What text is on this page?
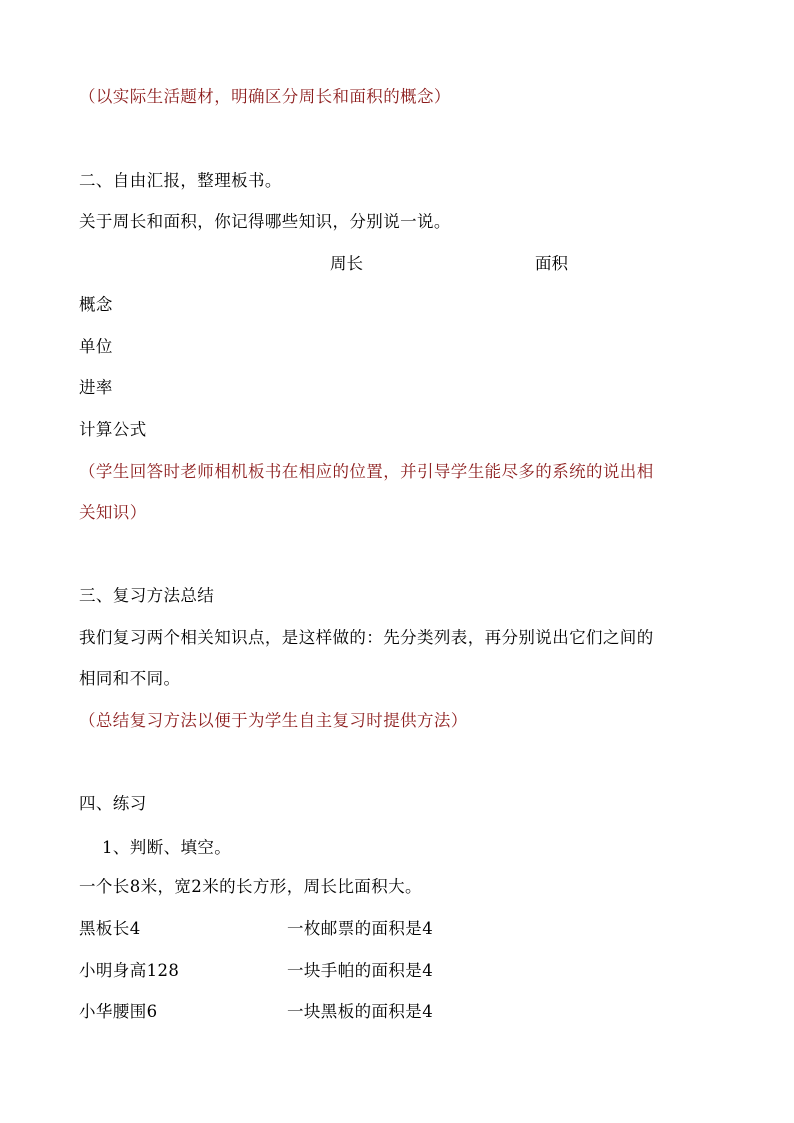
（以实际生活题材，明确区分周长和面积的概念）
二、自由汇报，整理板书。
关于周长和面积，你记得哪些知识，分别说一说。
周长	面积
概念
单位
进率
计算公式
（学生回答时老师相机板书在相应的位置，并引导学生能尽多的系统的说出相
关知识）
三、复习方法总结
我们复习两个相关知识点，是这样做的：先分类列表，再分别说出它们之间的
相同和不同。
（总结复习方法以便于为学生自主复习时提供方法）
四、练习
1、判断、填空。
一个长8米，宽2米的长方形，周长比面积大。
黑板长4	一枚邮票的面积是4
小明身高128	一块手帕的面积是4
小华腰围6	一块黑板的面积是4
